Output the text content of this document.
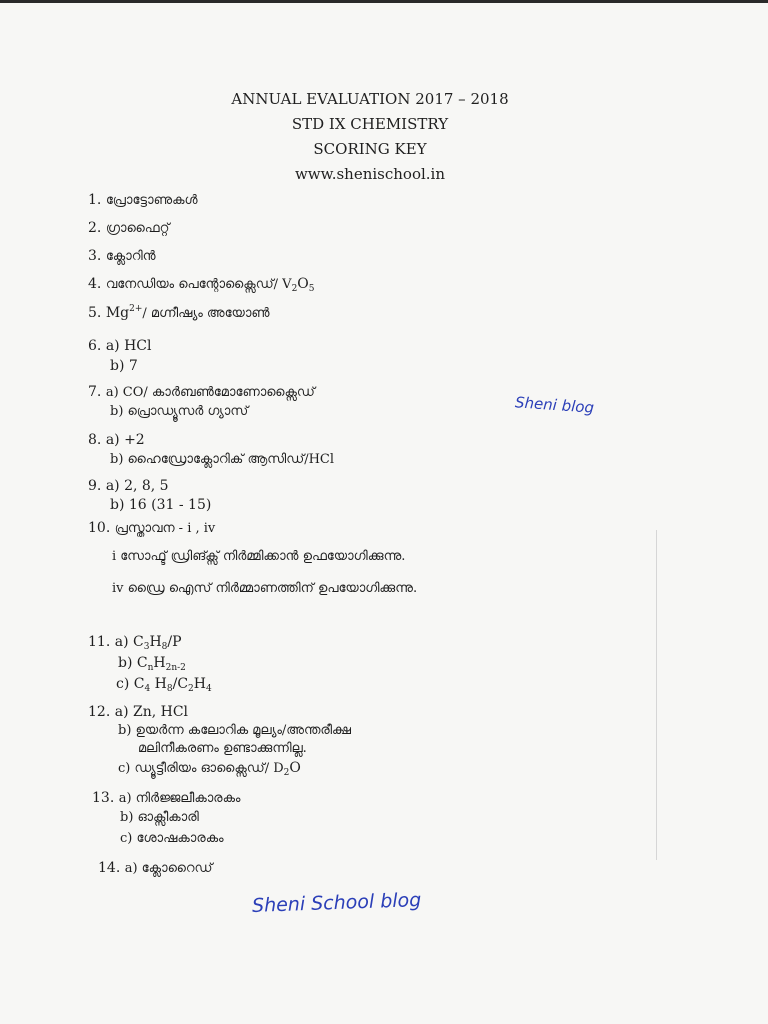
ANNUAL EVALUATION 2017 – 2018
STD IX CHEMISTRY
SCORING KEY
www.shenischool.in
1. പ്രോട്ടോണുകൾ
2. ഗ്രാഫൈറ്റ്
3. ക്ലോറിൻ
4. വനേഡിയം പെന്റോക്സൈഡ്/ $V_2O_5$
5. $Mg^{2+}/$ മഗ്നീഷ്യം അയോൺ
6. a) HCl
b) 7
7. a) CO/ കാർബൺമോണോക്സൈഡ്
b) പ്രൊഡ്യൂസർ ഗ്യാസ്
8. a) +2
b) ഹൈഡ്രോക്ലോറിക് ആസിഡ്/HCl
9. a) 2, 8, 5
b) 16 (31 - 15)
10. പ്രസ്താവന - i , iv
i സോഫ്ട് ഡ്രിങ്ക്സ് നിർമ്മിക്കാൻ ഉഫയോഗിക്കുന്നു.
iv ഡ്രൈ ഐസ് നിർമ്മാണത്തിന് ഉപയോഗിക്കുന്നു.
11. a) $C_3H_8/P$
b) $C_nH_{2n-2}$
c) $C_4$ $H_8/C_2H_4$
12. a) Zn, HCl
b) ഉയർന്ന കലോറിക മൂല്യം/അന്തരീക്ഷ
മലിനീകരണം ഉണ്ടാക്കുന്നില്ല.
c) ഡ്യൂട്ടീരിയം ഓക്സൈഡ്/ $D_2O$
13. a) നിർജ്ജലീകാരകം
b) ഓക്സീകാരി
c) ശോഷകാരകം
14. a) ക്ലോറൈഡ്
Sheni blog
Sheni School blog
